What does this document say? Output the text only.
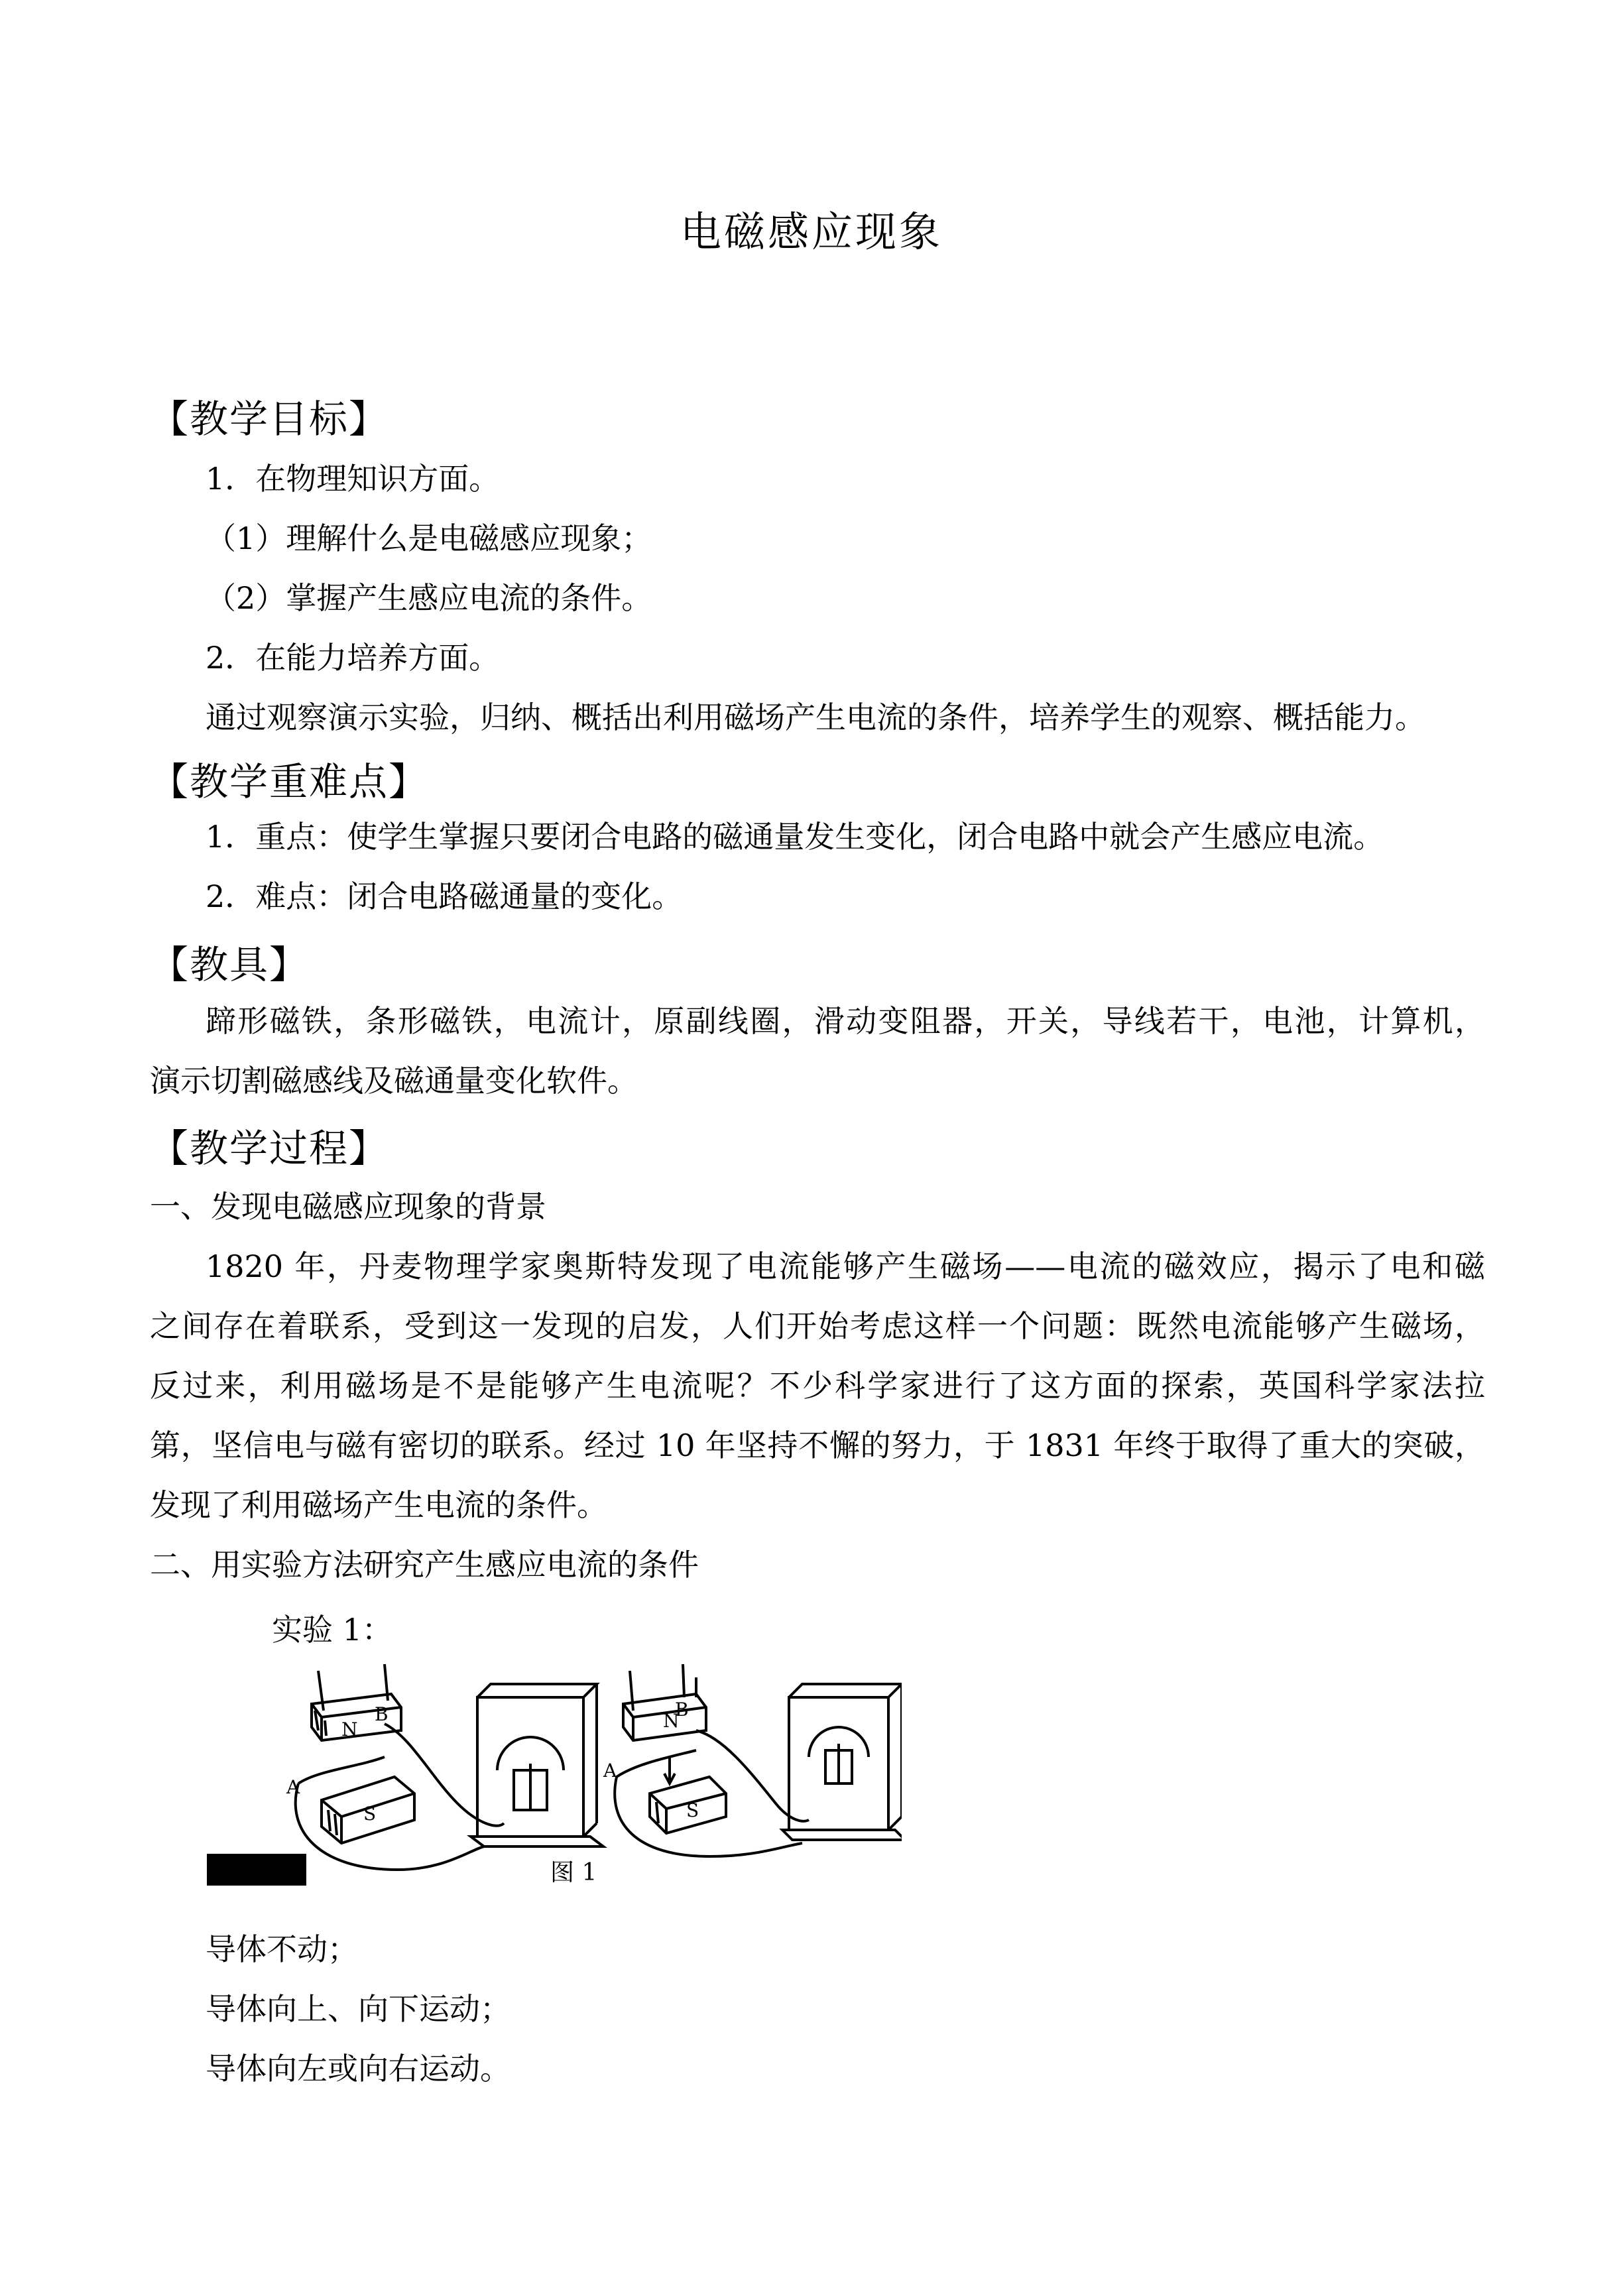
电磁感应现象
【教学目标】
1．在物理知识方面。
（1）理解什么是电磁感应现象；
（2）掌握产生感应电流的条件。
2．在能力培养方面。
通过观察演示实验，归纳、概括出利用磁场产生电流的条件，培养学生的观察、概括能力。
【教学重难点】
1．重点：使学生掌握只要闭合电路的磁通量发生变化，闭合电路中就会产生感应电流。
2．难点：闭合电路磁通量的变化。
【教具】
蹄形磁铁，条形磁铁，电流计，原副线圈，滑动变阻器，开关，导线若干，电池，计算机，
演示切割磁感线及磁通量变化软件。
【教学过程】
一、发现电磁感应现象的背景
1820 年，丹麦物理学家奥斯特发现了电流能够产生磁场——电流的磁效应，揭示了电和磁
之间存在着联系，受到这一发现的启发，人们开始考虑这样一个问题：既然电流能够产生磁场，
反过来，利用磁场是不是能够产生电流呢？不少科学家进行了这方面的探索，英国科学家法拉
第，坚信电与磁有密切的联系。经过 10 年坚持不懈的努力，于 1831 年终于取得了重大的突破，
发现了利用磁场产生电流的条件。
二、用实验方法研究产生感应电流的条件
实验 1：
N
S
A
B	N
S
A
B
图 1
导体不动；
导体向上、向下运动；
导体向左或向右运动。
